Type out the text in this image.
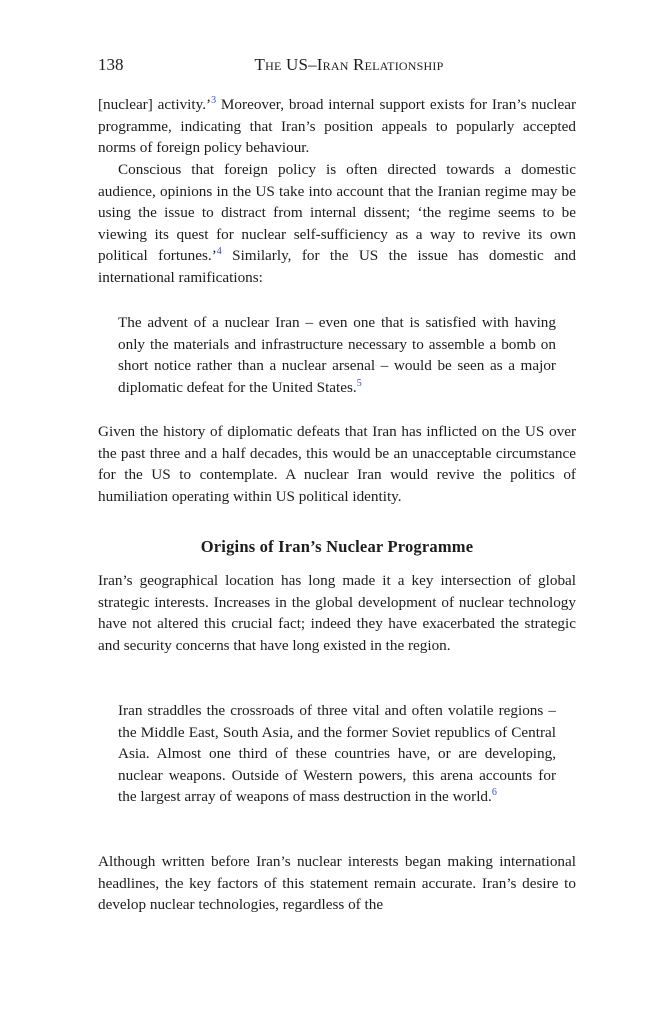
138	The US–Iran Relationship

[nuclear] activity.’$^3$ Moreover, broad internal support exists for Iran’s nuclear programme, indicating that Iran’s position appeals to popularly accepted norms of foreign policy behaviour.

Conscious that foreign policy is often directed towards a domestic audience, opinions in the US take into account that the Iranian regime may be using the issue to distract from internal dissent; ‘the regime seems to be viewing its quest for nuclear self-sufficiency as a way to revive its own political fortunes.’$^4$ Similarly, for the US the issue has domestic and international ramifications:

The advent of a nuclear Iran – even one that is satisfied with having only the materials and infrastructure necessary to assemble a bomb on short notice rather than a nuclear arsenal – would be seen as a major diplomatic defeat for the United States.$^5$

Given the history of diplomatic defeats that Iran has inflicted on the US over the past three and a half decades, this would be an unacceptable circumstance for the US to contemplate. A nuclear Iran would revive the politics of humiliation operating within US political identity.

Origins of Iran’s Nuclear Programme

Iran’s geographical location has long made it a key intersection of global strategic interests. Increases in the global development of nuclear technology have not altered this crucial fact; indeed they have exacerbated the strategic and security concerns that have long existed in the region.

Iran straddles the crossroads of three vital and often volatile regions – the Middle East, South Asia, and the former Soviet republics of Central Asia. Almost one third of these countries have, or are developing, nuclear weapons. Outside of Western powers, this arena accounts for the largest array of weapons of mass destruction in the world.$^6$

Although written before Iran’s nuclear interests began making international headlines, the key factors of this statement remain accurate. Iran’s desire to develop nuclear technologies, regardless of the
